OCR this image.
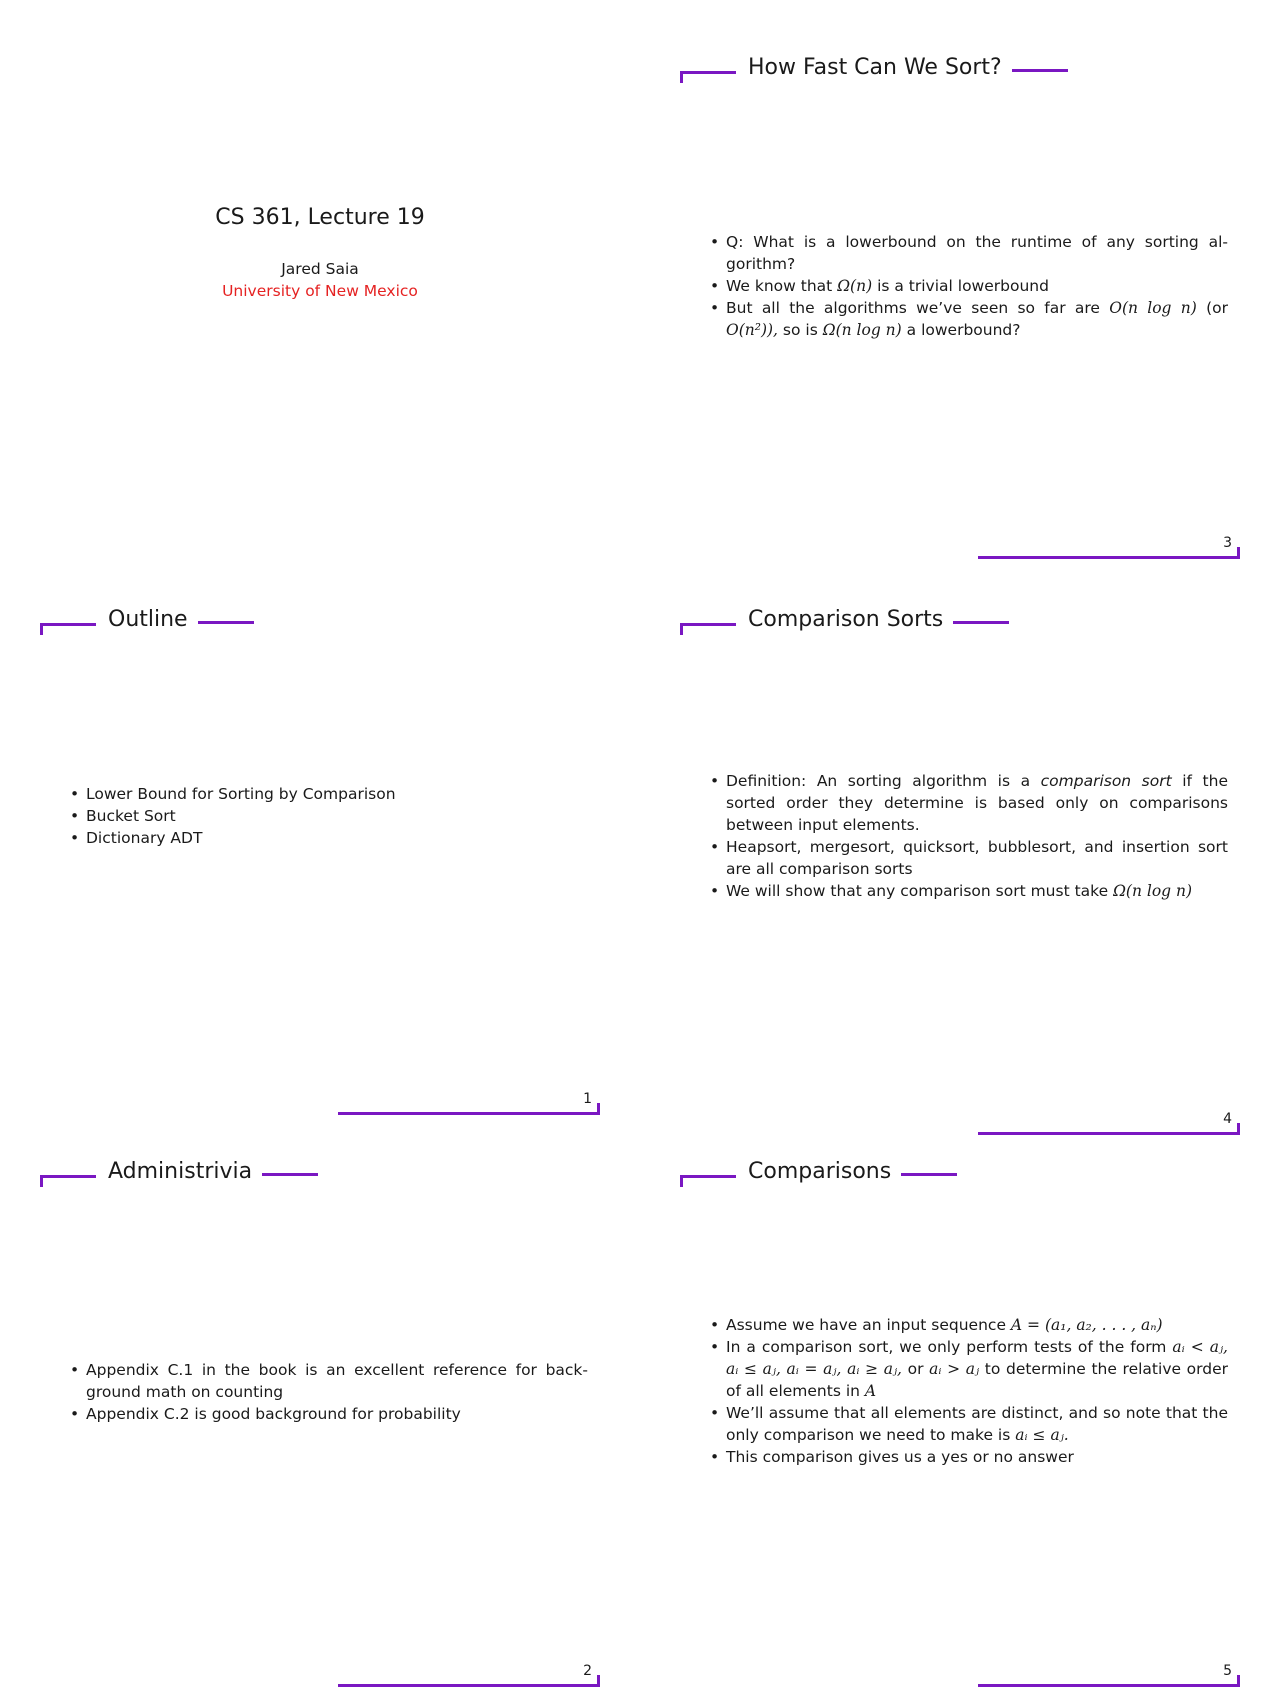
CS 361, Lecture 19
Jared Saia
University of New Mexico
How Fast Can We Sort?
• Q: What is a lowerbound on the runtime of any sorting al-gorithm?
• We know that Ω(n) is a trivial lowerbound
• But all the algorithms we’ve seen so far are O(n log n) (or O(n²)), so is Ω(n log n) a lowerbound?
3
Outline
• Lower Bound for Sorting by Comparison
• Bucket Sort
• Dictionary ADT
1
Comparison Sorts
• Definition: An sorting algorithm is a comparison sort if the sorted order they determine is based only on comparisons between input elements.
• Heapsort, mergesort, quicksort, bubblesort, and insertion sort are all comparison sorts
• We will show that any comparison sort must take Ω(n log n)
4
Administrivia
• Appendix C.1 in the book is an excellent reference for back-ground math on counting
• Appendix C.2 is good background for probability
2
Comparisons
• Assume we have an input sequence A = (a₁, a₂, . . . , aₙ)
• In a comparison sort, we only perform tests of the form aᵢ < aⱼ, aᵢ ≤ aⱼ, aᵢ = aⱼ, aᵢ ≥ aⱼ, or aᵢ > aⱼ to determine the relative order of all elements in A
• We’ll assume that all elements are distinct, and so note that the only comparison we need to make is aᵢ ≤ aⱼ.
• This comparison gives us a yes or no answer
5
